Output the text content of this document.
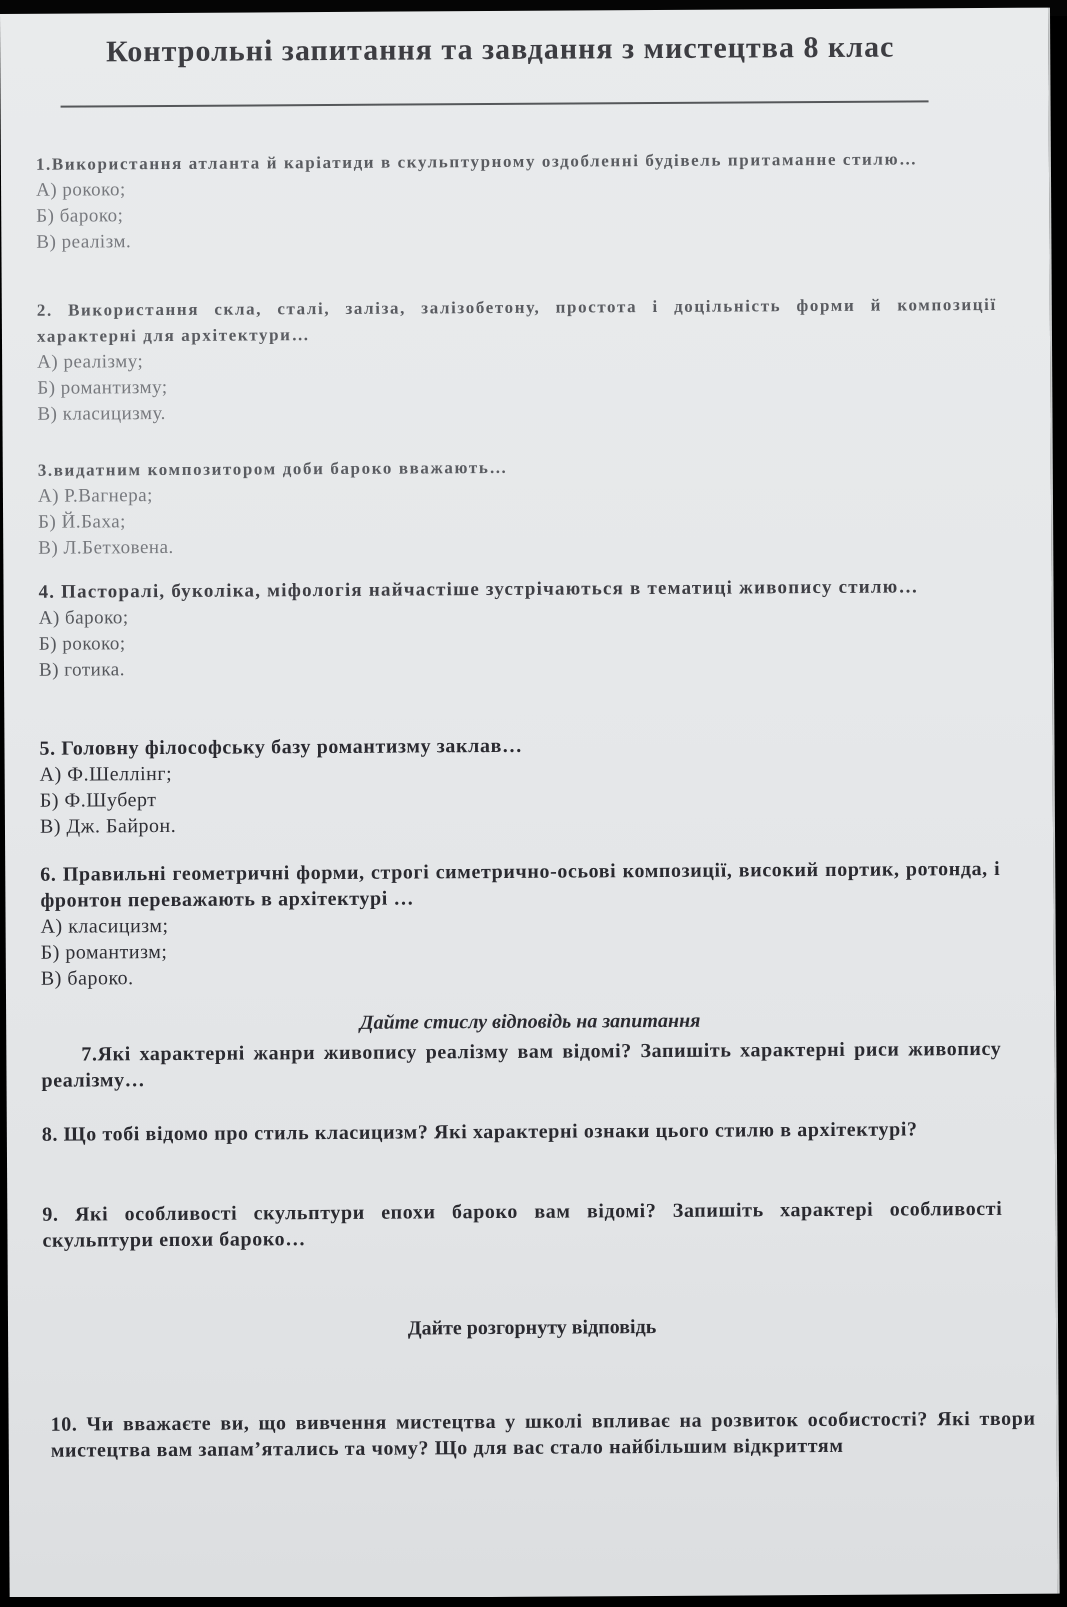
Контрольні запитання та завдання з мистецтва 8 клас
1.Використання атланта й каріатиди в скульптурному оздобленні будівель притаманне стилю…
А) рококо;
Б) бароко;
В) реалізм.
2. Використання скла, сталі, заліза, залізобетону, простота і доцільність форми й композиції характерні для архітектури…
А) реалізму;
Б) романтизму;
В) класицизму.
3.видатним композитором доби бароко вважають…
А) Р.Вагнера;
Б) Й.Баха;
В) Л.Бетховена.
4. Пасторалі, буколіка, міфологія найчастіше зустрічаються в тематиці живопису стилю…
А) бароко;
Б) рококо;
В) готика.
5. Головну філософську базу романтизму заклав…
А) Ф.Шеллінг;
Б) Ф.Шуберт
В) Дж. Байрон.
6. Правильні геометричні форми, строгі симетрично-осьові композиції, високий портик, ротонда, і фронтон переважають в архітектурі …
А) класицизм;
Б) романтизм;
В) бароко.
Дайте стислу відповідь на запитання
7.Які характерні жанри живопису реалізму вам відомі? Запишіть характерні риси живопису реалізму…
8. Що тобі відомо про стиль класицизм? Які характерні ознаки цього стилю в архітектурі?
9. Які особливості скульптури епохи бароко вам відомі? Запишіть характері особливості скульптури епохи бароко…
Дайте розгорнуту відповідь
10. Чи вважаєте ви, що вивчення мистецтва у школі впливає на розвиток особистості? Які твори мистецтва вам запам’ятались та чому? Що для вас стало найбільшим відкриттям
